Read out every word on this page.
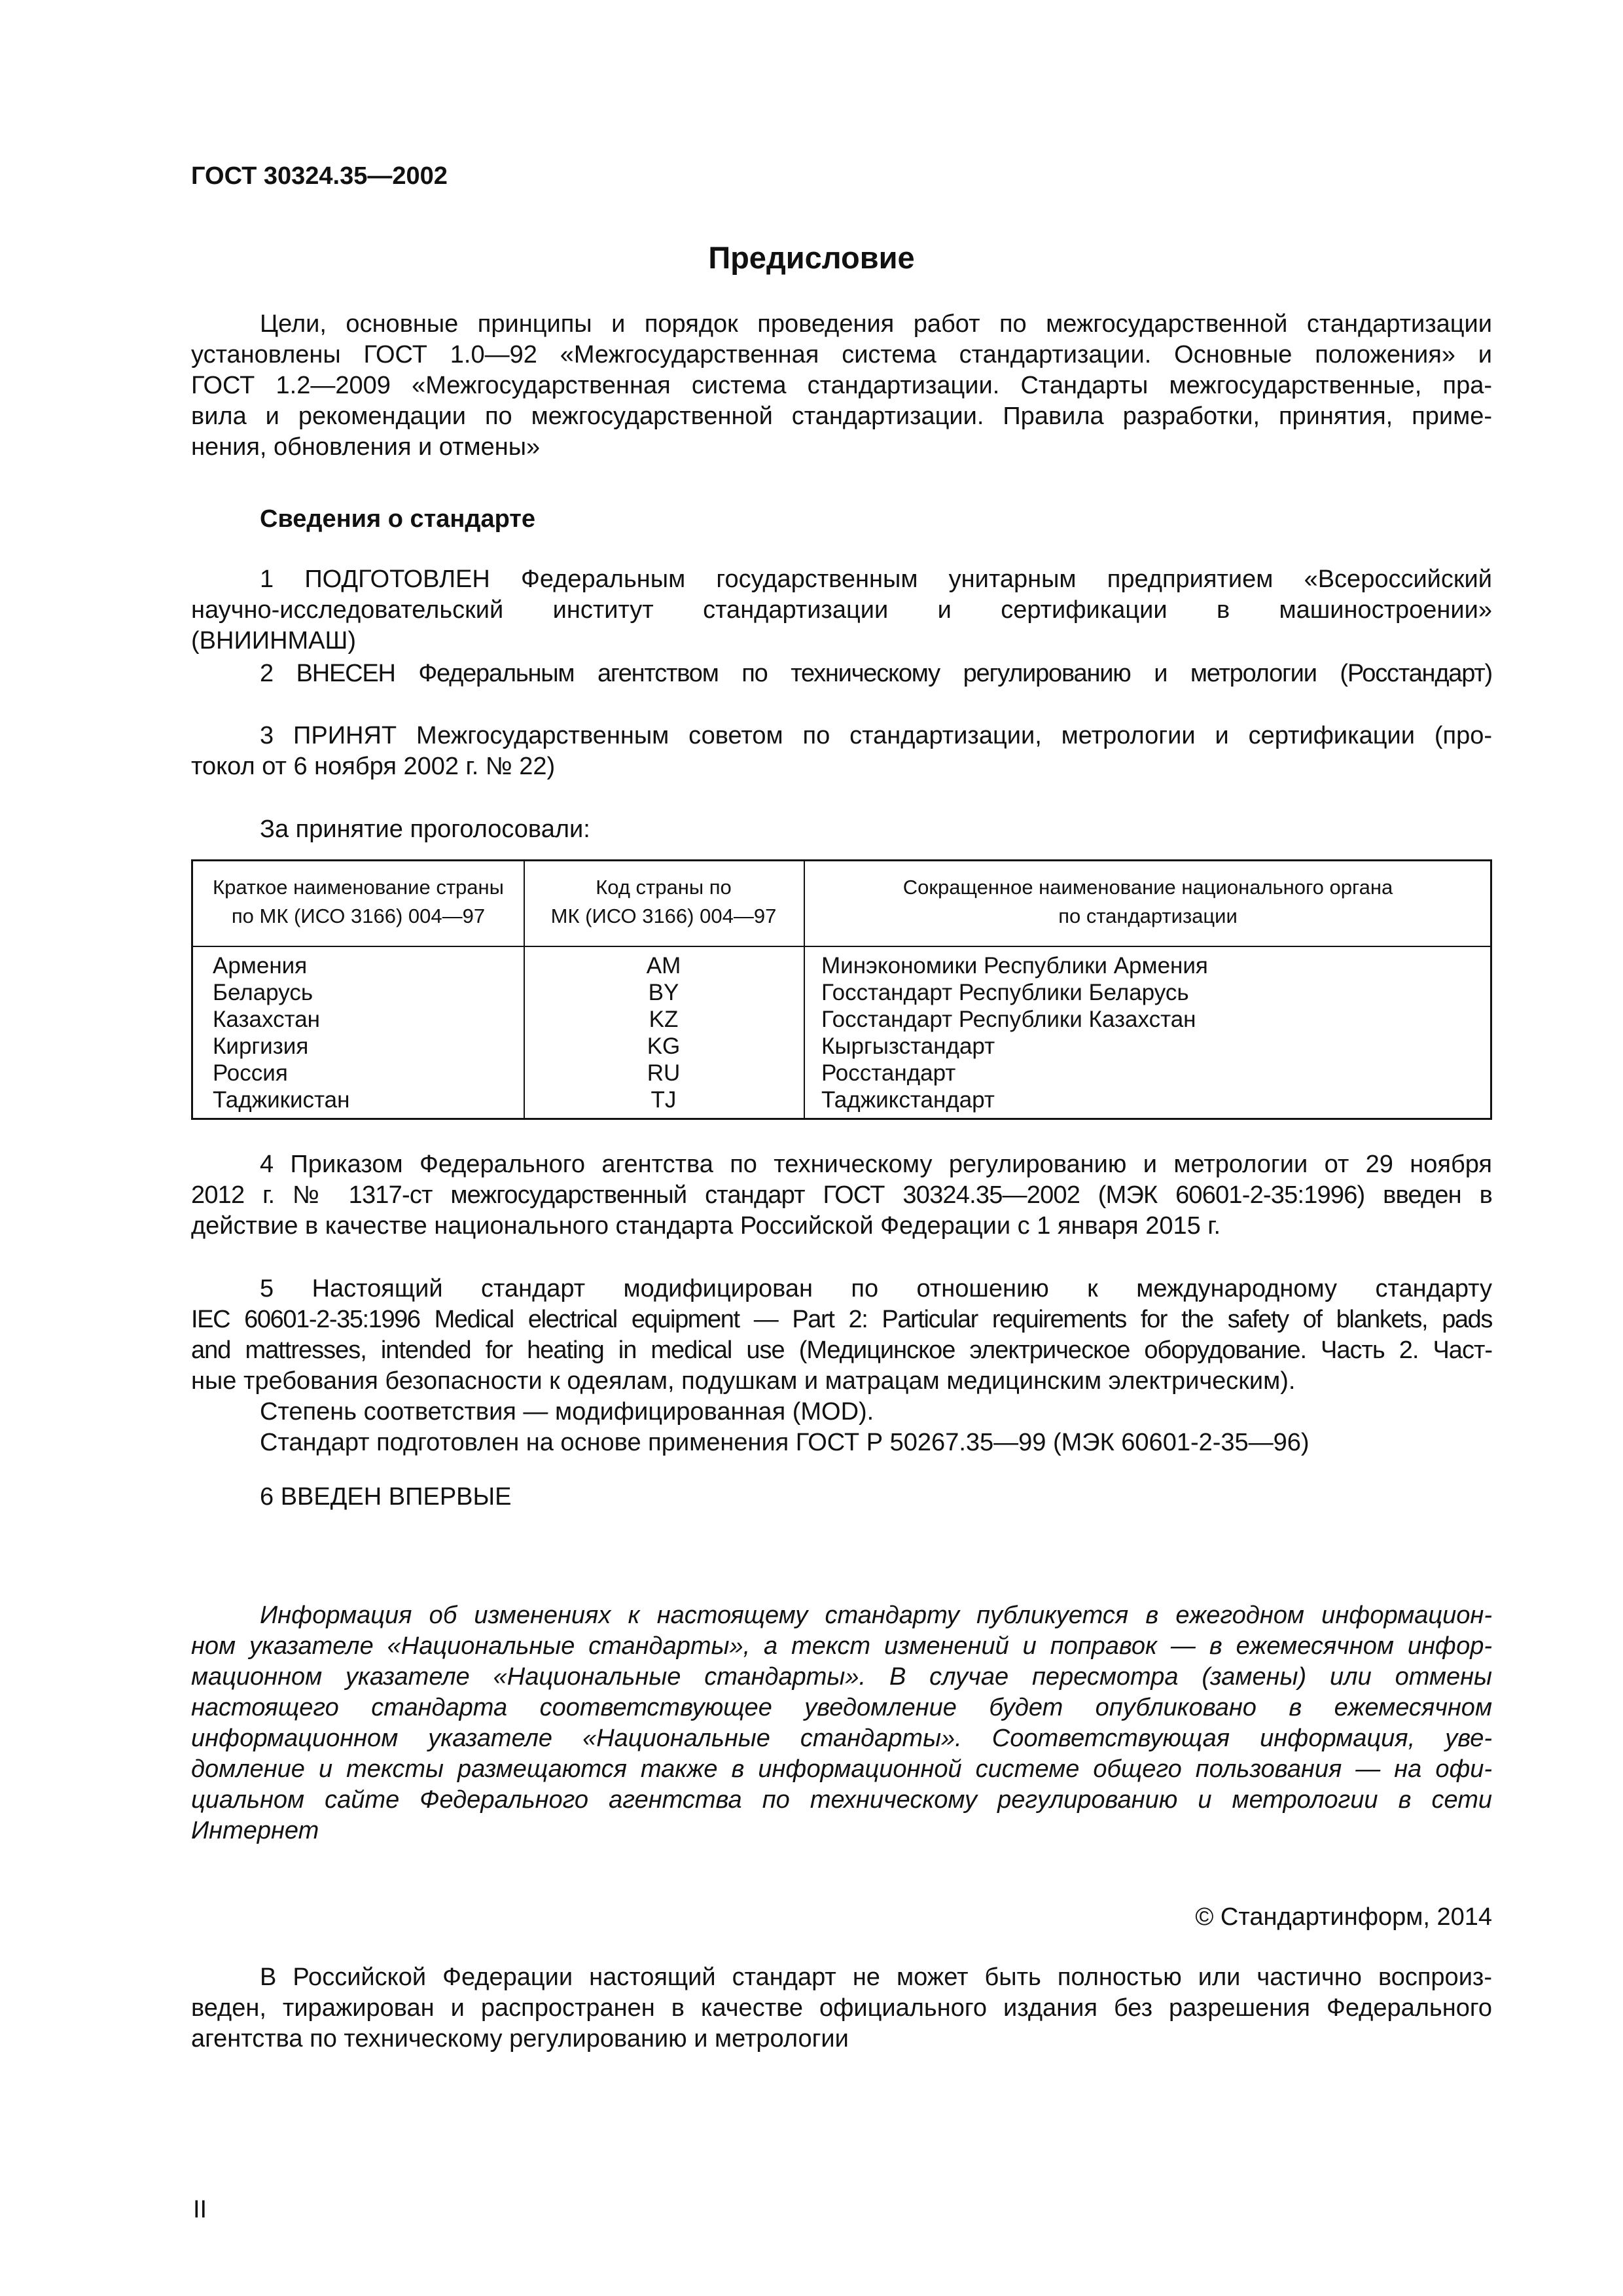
ГОСТ 30324.35—2002
Предисловие
Цели, основные принципы и порядок проведения работ по межгосударственной стандартизации
установлены ГОСТ 1.0—92 «Межгосударственная система стандартизации. Основные положения» и
ГОСТ 1.2—2009 «Межгосударственная система стандартизации. Стандарты межгосударственные, пра-
вила и рекомендации по межгосударственной стандартизации. Правила разработки, принятия, приме-
нения, обновления и отмены»
Сведения о стандарте
1 ПОДГОТОВЛЕН Федеральным государственным унитарным предприятием «Всероссийский
научно-исследовательский институт стандартизации и сертификации в машиностроении»
(ВНИИНМАШ)
2 ВНЕСЕН Федеральным агентством по техническому регулированию и метрологии (Росстандарт)
3 ПРИНЯТ Межгосударственным советом по стандартизации, метрологии и сертификации (про-
токол от 6 ноября 2002 г. № 22)
За принятие проголосовали:
Краткое наименование страны
по МК (ИСО 3166) 004—97
Код страны по
МК (ИСО 3166) 004—97
Сокращенное наименование национального органа
по стандартизации
Армения
Беларусь
Казахстан
Киргизия
Россия
Таджикистан
AM
BY
KZ
KG
RU
TJ
Минэкономики Республики Армения
Госстандарт Республики Беларусь
Госстандарт Республики Казахстан
Кыргызстандарт
Росстандарт
Таджикстандарт
4 Приказом Федерального агентства по техническому регулированию и метрологии от 29 ноября
2012 г. № 1317-ст межгосударственный стандарт ГОСТ 30324.35—2002 (МЭК 60601-2-35:1996) введен в
действие в качестве национального стандарта Российской Федерации с 1 января 2015 г.
5 Настоящий стандарт модифицирован по отношению к международному стандарту
IEC 60601-2-35:1996 Medical electrical equipment — Part 2: Particular requirements for the safety of blankets, pads
and mattresses, intended for heating in medical use (Медицинское электрическое оборудование. Часть 2. Част-
ные требования безопасности к одеялам, подушкам и матрацам медицинским электрическим).
Степень соответствия — модифицированная (MOD).
Стандарт подготовлен на основе применения ГОСТ Р 50267.35—99 (МЭК 60601-2-35—96)
6 ВВЕДЕН ВПЕРВЫЕ
Информация об изменениях к настоящему стандарту публикуется в ежегодном информацион-
ном указателе «Национальные стандарты», а текст изменений и поправок — в ежемесячном инфор-
мационном указателе «Национальные стандарты». В случае пересмотра (замены) или отмены
настоящего стандарта соответствующее уведомление будет опубликовано в ежемесячном
информационном указателе «Национальные стандарты». Соответствующая информация, уве-
домление и тексты размещаются также в информационной системе общего пользования — на офи-
циальном сайте Федерального агентства по техническому регулированию и метрологии в сети
Интернет
© Стандартинформ, 2014
В Российской Федерации настоящий стандарт не может быть полностью или частично воспроиз-
веден, тиражирован и распространен в качестве официального издания без разрешения Федерального
агентства по техническому регулированию и метрологии
II
